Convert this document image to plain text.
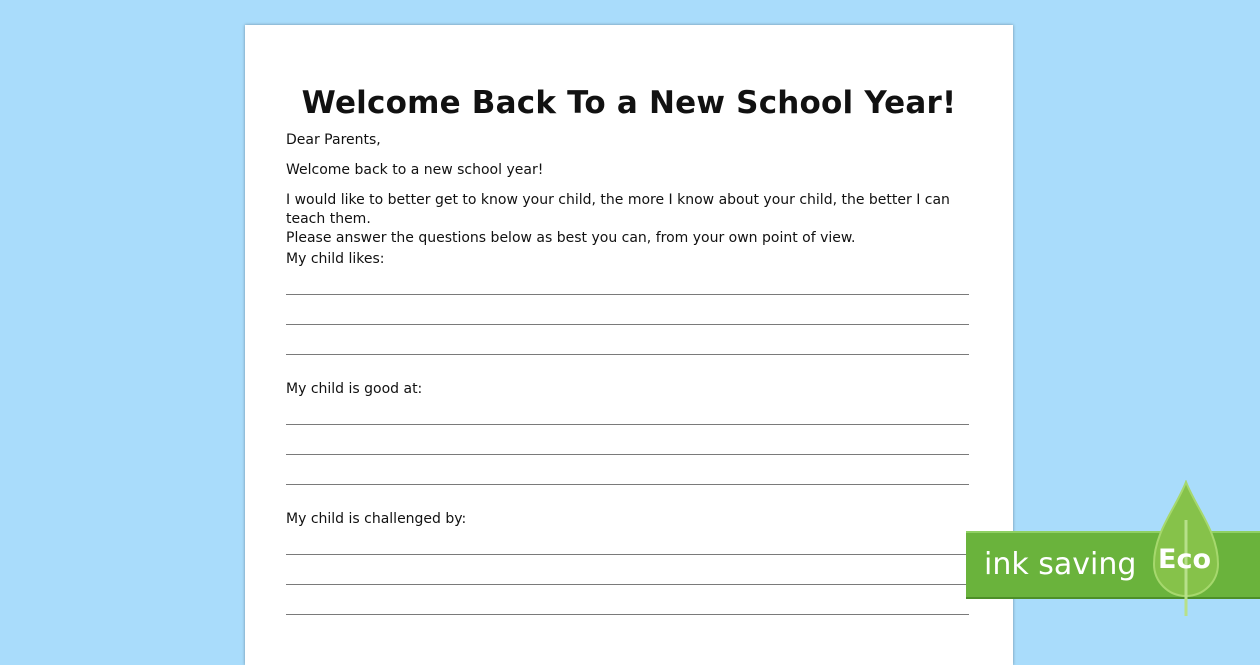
Welcome Back To a New School Year!
Dear Parents,
Welcome back to a new school year!
I would like to better get to know your child, the more I know about your child, the better I can teach them.
Please answer the questions below as best you can, from your own point of view.
My child likes:
My child is good at:
My child is challenged by:
ink saving Eco
